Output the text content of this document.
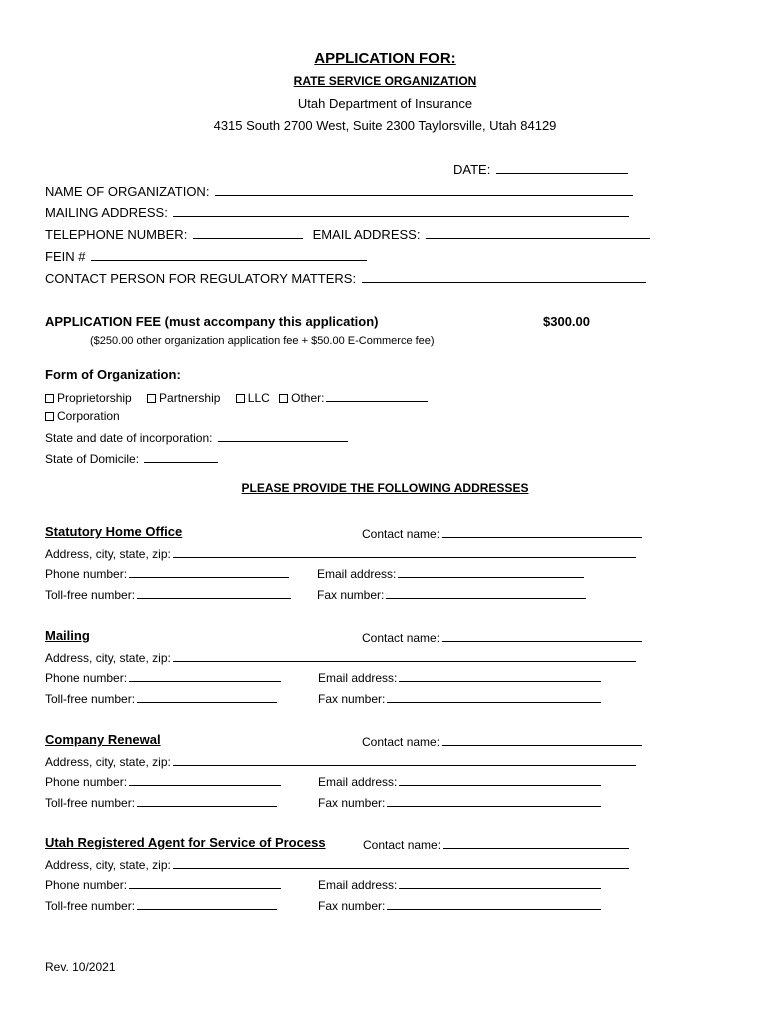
APPLICATION FOR:
RATE SERVICE ORGANIZATION
Utah Department of Insurance
4315 South 2700 West, Suite 2300 Taylorsville, Utah 84129
DATE:
NAME OF ORGANIZATION:
MAILING ADDRESS:
TELEPHONE NUMBER:	EMAIL ADDRESS:
FEIN #
CONTACT PERSON FOR REGULATORY MATTERS:
APPLICATION FEE (must accompany this application)	$300.00
($250.00 other organization application fee + $50.00 E-Commerce fee)
Form of Organization:
Proprietorship Partnership LLC Other:
Corporation
State and date of incorporation:
State of Domicile:
PLEASE PROVIDE THE FOLLOWING ADDRESSES
Statutory Home Office	Contact name:
Address, city, state, zip:
Phone number:	Email address:
Toll-free number:	Fax number:
Mailing	Contact name:
Address, city, state, zip:
Phone number:	Email address:
Toll-free number:	Fax number:
Company Renewal	Contact name:
Address, city, state, zip:
Phone number:	Email address:
Toll-free number:	Fax number:
Utah Registered Agent for Service of Process	Contact name:
Address, city, state, zip:
Phone number:	Email address:
Toll-free number:	Fax number:
Rev. 10/2021
